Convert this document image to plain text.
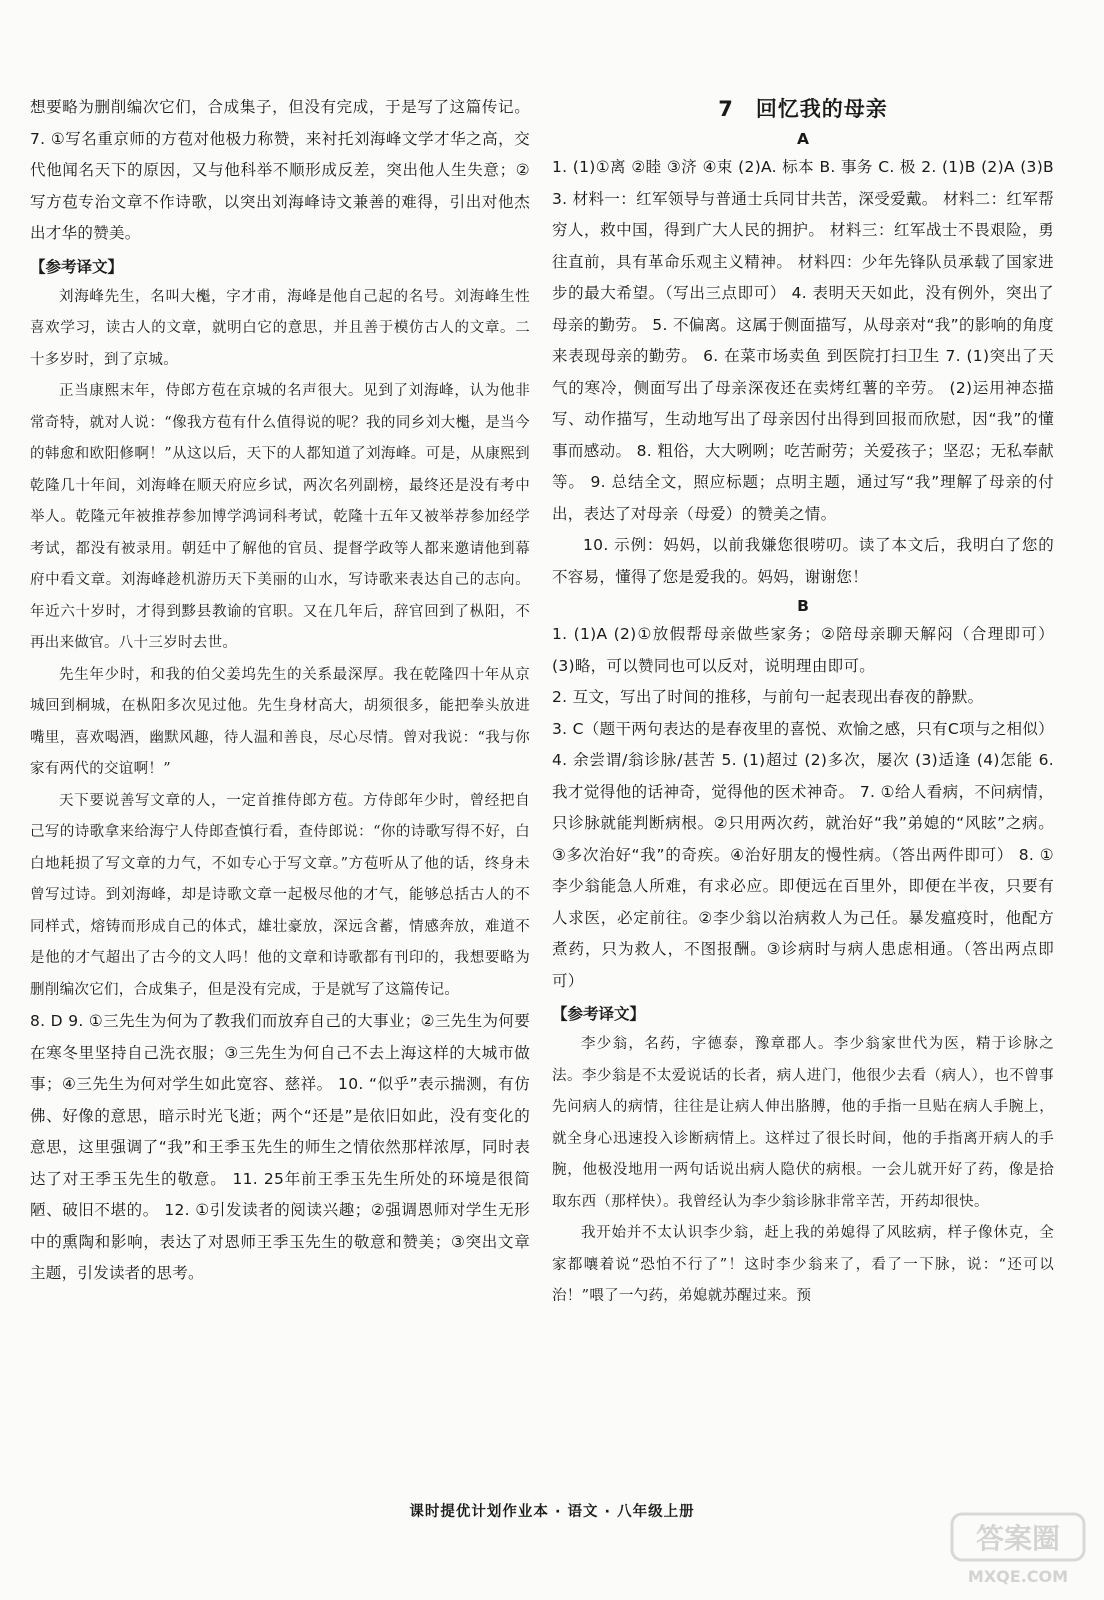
想要略为删削编次它们，合成集子，但没有完成，于是写了这篇传记。 7. ①写名重京师的方苞对他极力称赞，来衬托刘海峰文学才华之高，交代他闻名天下的原因，又与他科举不顺形成反差，突出他人生失意；②写方苞专治文章不作诗歌，以突出刘海峰诗文兼善的难得，引出对他杰出才华的赞美。

【参考译文】

刘海峰先生，名叫大櫆，字才甫，海峰是他自己起的名号。刘海峰生性喜欢学习，读古人的文章，就明白它的意思，并且善于模仿古人的文章。二十多岁时，到了京城。

正当康熙末年，侍郎方苞在京城的名声很大。见到了刘海峰，认为他非常奇特，就对人说：“像我方苞有什么值得说的呢？我的同乡刘大櫆，是当今的韩愈和欧阳修啊！”从这以后，天下的人都知道了刘海峰。可是，从康熙到乾隆几十年间，刘海峰在顺天府应乡试，两次名列副榜，最终还是没有考中举人。乾隆元年被推荐参加博学鸿词科考试，乾隆十五年又被举荐参加经学考试，都没有被录用。朝廷中了解他的官员、提督学政等人都来邀请他到幕府中看文章。刘海峰趁机游历天下美丽的山水，写诗歌来表达自己的志向。年近六十岁时，才得到黟县教谕的官职。又在几年后，辞官回到了枞阳，不再出来做官。八十三岁时去世。

先生年少时，和我的伯父姜坞先生的关系最深厚。我在乾隆四十年从京城回到桐城，在枞阳多次见过他。先生身材高大，胡须很多，能把拳头放进嘴里，喜欢喝酒，幽默风趣，待人温和善良，尽心尽情。曾对我说：“我与你家有两代的交谊啊！”

天下要说善写文章的人，一定首推侍郎方苞。方侍郎年少时，曾经把自己写的诗歌拿来给海宁人侍郎查慎行看，查侍郎说：“你的诗歌写得不好，白白地耗损了写文章的力气，不如专心于写文章。”方苞听从了他的话，终身未曾写过诗。到刘海峰，却是诗歌文章一起极尽他的才气，能够总括古人的不同样式，熔铸而形成自己的体式，雄壮豪放，深远含蓄，情感奔放，难道不是他的才气超出了古今的文人吗！他的文章和诗歌都有刊印的，我想要略为删削编次它们，合成集子，但是没有完成，于是就写了这篇传记。

8. D 9. ①三先生为何为了教我们而放弃自己的大事业；②三先生为何要在寒冬里坚持自己洗衣服；③三先生为何自己不去上海这样的大城市做事；④三先生为何对学生如此宽容、慈祥。 10. “似乎”表示揣测，有仿佛、好像的意思，暗示时光飞逝；两个“还是”是依旧如此，没有变化的意思，这里强调了“我”和王季玉先生的师生之情依然那样浓厚，同时表达了对王季玉先生的敬意。 11. 25年前王季玉先生所处的环境是很简陋、破旧不堪的。 12. ①引发读者的阅读兴趣；②强调恩师对学生无形中的熏陶和影响，表达了对恩师王季玉先生的敬意和赞美；③突出文章主题，引发读者的思考。

7 回忆我的母亲

A

1. (1)①离 ②睦 ③济 ④束 (2)A. 标本 B. 事务 C. 极 2. (1)B (2)A (3)B 3. 材料一：红军领导与普通士兵同甘共苦，深受爱戴。 材料二：红军帮穷人，救中国，得到广大人民的拥护。 材料三：红军战士不畏艰险，勇往直前，具有革命乐观主义精神。 材料四：少年先锋队员承载了国家进步的最大希望。（写出三点即可） 4. 表明天天如此，没有例外，突出了母亲的勤劳。 5. 不偏离。这属于侧面描写，从母亲对“我”的影响的角度来表现母亲的勤劳。 6. 在菜市场卖鱼 到医院打扫卫生 7. (1)突出了天气的寒冷，侧面写出了母亲深夜还在卖烤红薯的辛劳。 (2)运用神态描写、动作描写，生动地写出了母亲因付出得到回报而欣慰，因“我”的懂事而感动。 8. 粗俗，大大咧咧；吃苦耐劳；关爱孩子；坚忍；无私奉献等。 9. 总结全文，照应标题；点明主题，通过写“我”理解了母亲的付出，表达了对母亲（母爱）的赞美之情。

10. 示例：妈妈，以前我嫌您很唠叨。读了本文后，我明白了您的不容易，懂得了您是爱我的。妈妈，谢谢您！

B

1. (1)A (2)①放假帮母亲做些家务；②陪母亲聊天解闷（合理即可） (3)略，可以赞同也可以反对，说明理由即可。

2. 互文，写出了时间的推移，与前句一起表现出春夜的静默。

3. C（题干两句表达的是春夜里的喜悦、欢愉之感，只有C项与之相似） 4. 余尝谓/翁诊脉/甚苦 5. (1)超过 (2)多次，屡次 (3)适逢 (4)怎能 6. 我才觉得他的话神奇，觉得他的医术神奇。 7. ①给人看病，不问病情，只诊脉就能判断病根。②只用两次药，就治好“我”弟媳的“风眩”之病。③多次治好“我”的奇疾。④治好朋友的慢性病。（答出两件即可） 8. ①李少翁能急人所难，有求必应。即便远在百里外，即便在半夜，只要有人求医，必定前往。②李少翁以治病救人为己任。暴发瘟疫时，他配方煮药，只为救人，不图报酬。③诊病时与病人患虑相通。（答出两点即可）

【参考译文】

李少翁，名药，字德泰，豫章郡人。李少翁家世代为医，精于诊脉之法。李少翁是不太爱说话的长者，病人进门，他很少去看（病人），也不曾事先问病人的病情，往往是让病人伸出胳膊，他的手指一旦贴在病人手腕上，就全身心迅速投入诊断病情上。这样过了很长时间，他的手指离开病人的手腕，他极没地用一两句话说出病人隐伏的病根。一会儿就开好了药，像是拾取东西（那样快）。我曾经认为李少翁诊脉非常辛苦，开药却很快。

我开始并不太认识李少翁，赶上我的弟媳得了风眩病，样子像休克，全家都嚷着说“恐怕不行了”！这时李少翁来了，看了一下脉，说：“还可以治！”喂了一勺药，弟媳就苏醒过来。预

课时提优计划作业本 · 语文 · 八年级上册
答案圈
MXQE.COM
